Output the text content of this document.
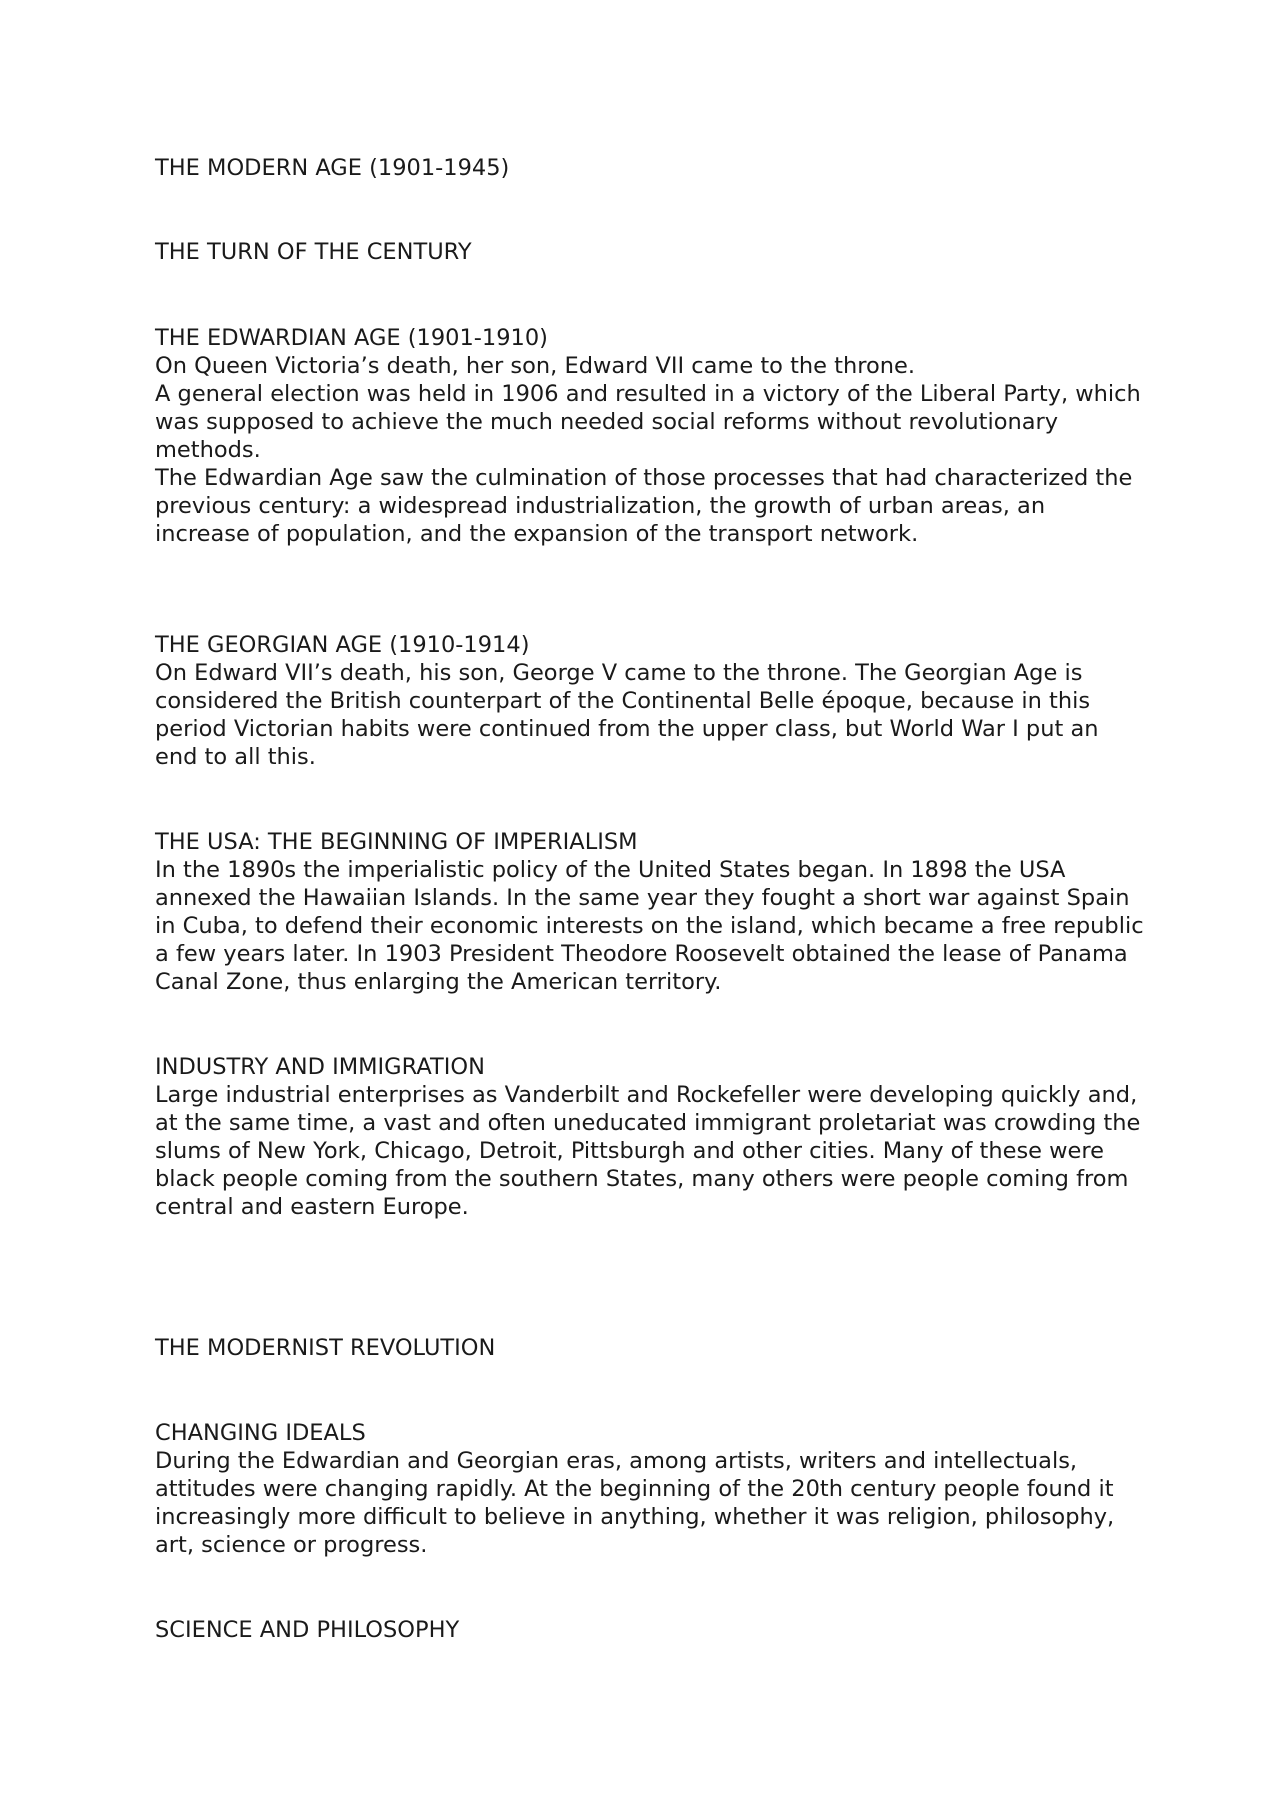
THE MODERN AGE (1901-1945)
THE TURN OF THE CENTURY
THE EDWARDIAN AGE (1901-1910)

On Queen Victoria’s death, her son, Edward VII came to the throne.

A general election was held in 1906 and resulted in a victory of the Liberal Party, which was supposed to achieve the much needed social reforms without revolutionary methods.

The Edwardian Age saw the culmination of those processes that had characterized the previous century: a widespread industrialization, the growth of urban areas, an increase of population, and the expansion of the transport network.

THE GEORGIAN AGE (1910-1914)

On Edward VII’s death, his son, George V came to the throne. The Georgian Age is considered the British counterpart of the Continental Belle époque, because in this period Victorian habits were continued from the upper class, but World War I put an end to all this.

THE USA: THE BEGINNING OF IMPERIALISM

In the 1890s the imperialistic policy of the United States began. In 1898 the USA annexed the Hawaiian Islands. In the same year they fought a short war against Spain in Cuba, to defend their economic interests on the island, which became a free republic a few years later. In 1903 President Theodore Roosevelt obtained the lease of Panama Canal Zone, thus enlarging the American territory.

INDUSTRY AND IMMIGRATION

Large industrial enterprises as Vanderbilt and Rockefeller were developing quickly and, at the same time, a vast and often uneducated immigrant proletariat was crowding the slums of New York, Chicago, Detroit, Pittsburgh and other cities. Many of these were black people coming from the southern States, many others were people coming from central and eastern Europe.

THE MODERNIST REVOLUTION
CHANGING IDEALS

During the Edwardian and Georgian eras, among artists, writers and intellectuals, attitudes were changing rapidly. At the beginning of the 20th century people found it increasingly more difficult to believe in anything, whether it was religion, philosophy, art, science or progress.

SCIENCE AND PHILOSOPHY
